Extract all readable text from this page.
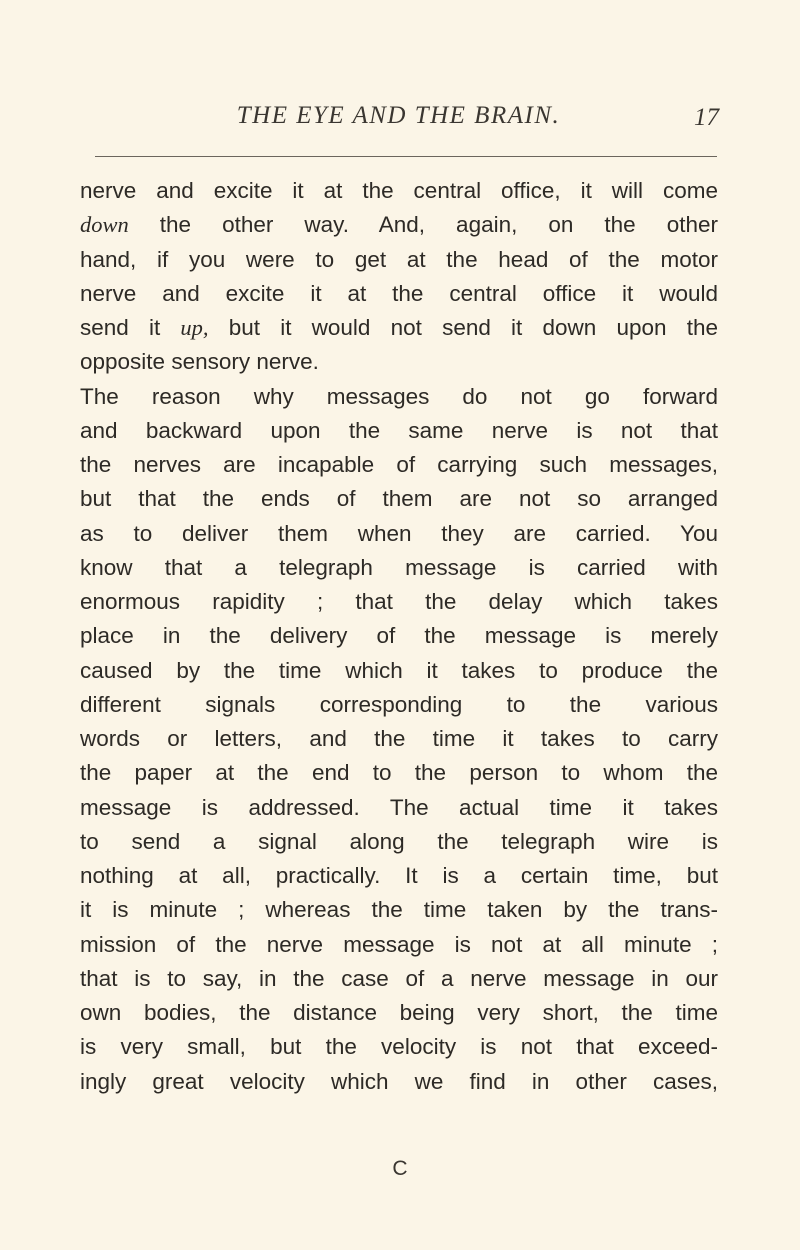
THE EYE AND THE BRAIN.	17
nerve and excite it at the central office, it will come
down the other way. And, again, on the other
hand, if you were to get at the head of the motor
nerve and excite it at the central office it would
send it up, but it would not send it down upon the
opposite sensory nerve.
The reason why messages do not go forward
and backward upon the same nerve is not that
the nerves are incapable of carrying such messages,
but that the ends of them are not so arranged
as to deliver them when they are carried. You
know that a telegraph message is carried with
enormous rapidity ; that the delay which takes
place in the delivery of the message is merely
caused by the time which it takes to produce the
different signals corresponding to the various
words or letters, and the time it takes to carry
the paper at the end to the person to whom the
message is addressed. The actual time it takes
to send a signal along the telegraph wire is
nothing at all, practically. It is a certain time, but
it is minute ; whereas the time taken by the trans-
mission of the nerve message is not at all minute ;
that is to say, in the case of a nerve message in our
own bodies, the distance being very short, the time
is very small, but the velocity is not that exceed-
ingly great velocity which we find in other cases,
C
